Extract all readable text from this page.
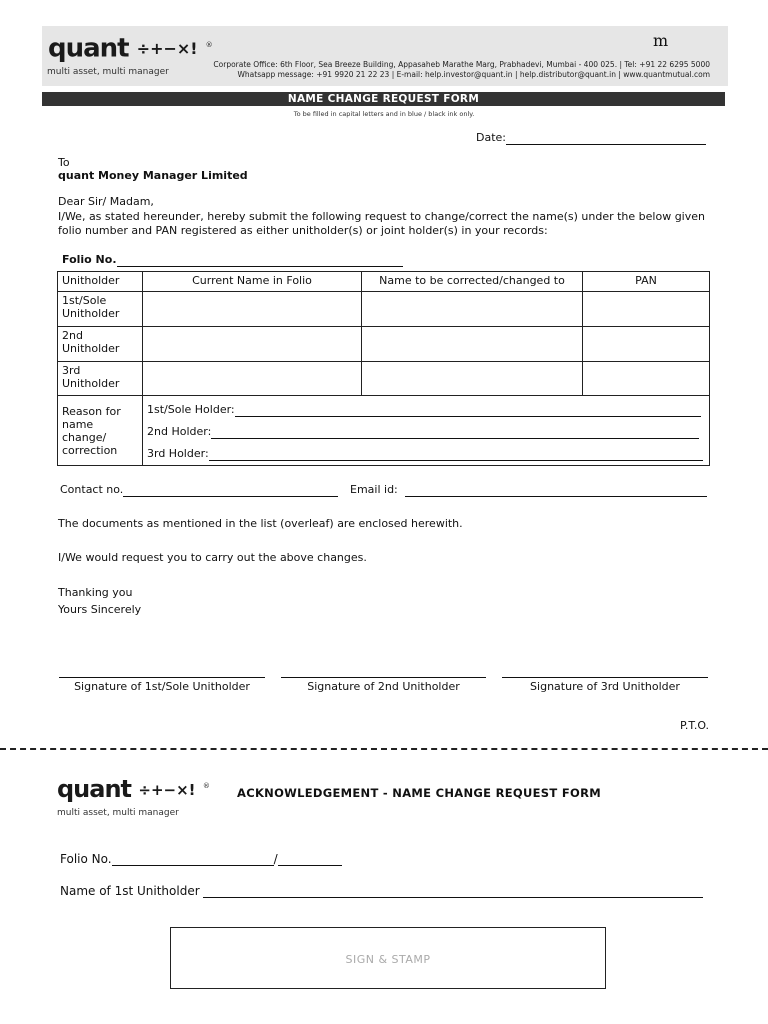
quant ÷+−×! ®
multi asset, multi manager
m
Corporate Office: 6th Floor, Sea Breeze Building, Appasaheb Marathe Marg, Prabhadevi, Mumbai - 400 025. | Tel: +91 22 6295 5000
Whatsapp message: +91 9920 21 22 23 | E-mail: help.investor@quant.in | help.distributor@quant.in | www.quantmutual.com
NAME CHANGE REQUEST FORM
To be filled in capital letters and in blue / black ink only.
Date:
To
quant Money Manager Limited
Dear Sir/ Madam,
I/We, as stated hereunder, hereby submit the following request to change/correct the name(s) under the below given folio number and PAN registered as either unitholder(s) or joint holder(s) in your records:
Folio No.
Unitholder	Current Name in Folio	Name to be corrected/changed to	PAN
1st/Sole Unitholder			
2nd Unitholder			
3rd Unitholder			
Reason for name change/ correction	1st/Sole Holder:
2nd Holder:
3rd Holder:		
Contact no.	Email id:
The documents as mentioned in the list (overleaf) are enclosed herewith.
I/We would request you to carry out the above changes.
Thanking you
Yours Sincerely
Signature of 1st/Sole Unitholder	Signature of 2nd Unitholder	Signature of 3rd Unitholder
P.T.O.
quant ÷+−×! ®
multi asset, multi manager
ACKNOWLEDGEMENT - NAME CHANGE REQUEST FORM
Folio No.	/
Name of 1st Unitholder
SIGN & STAMP
